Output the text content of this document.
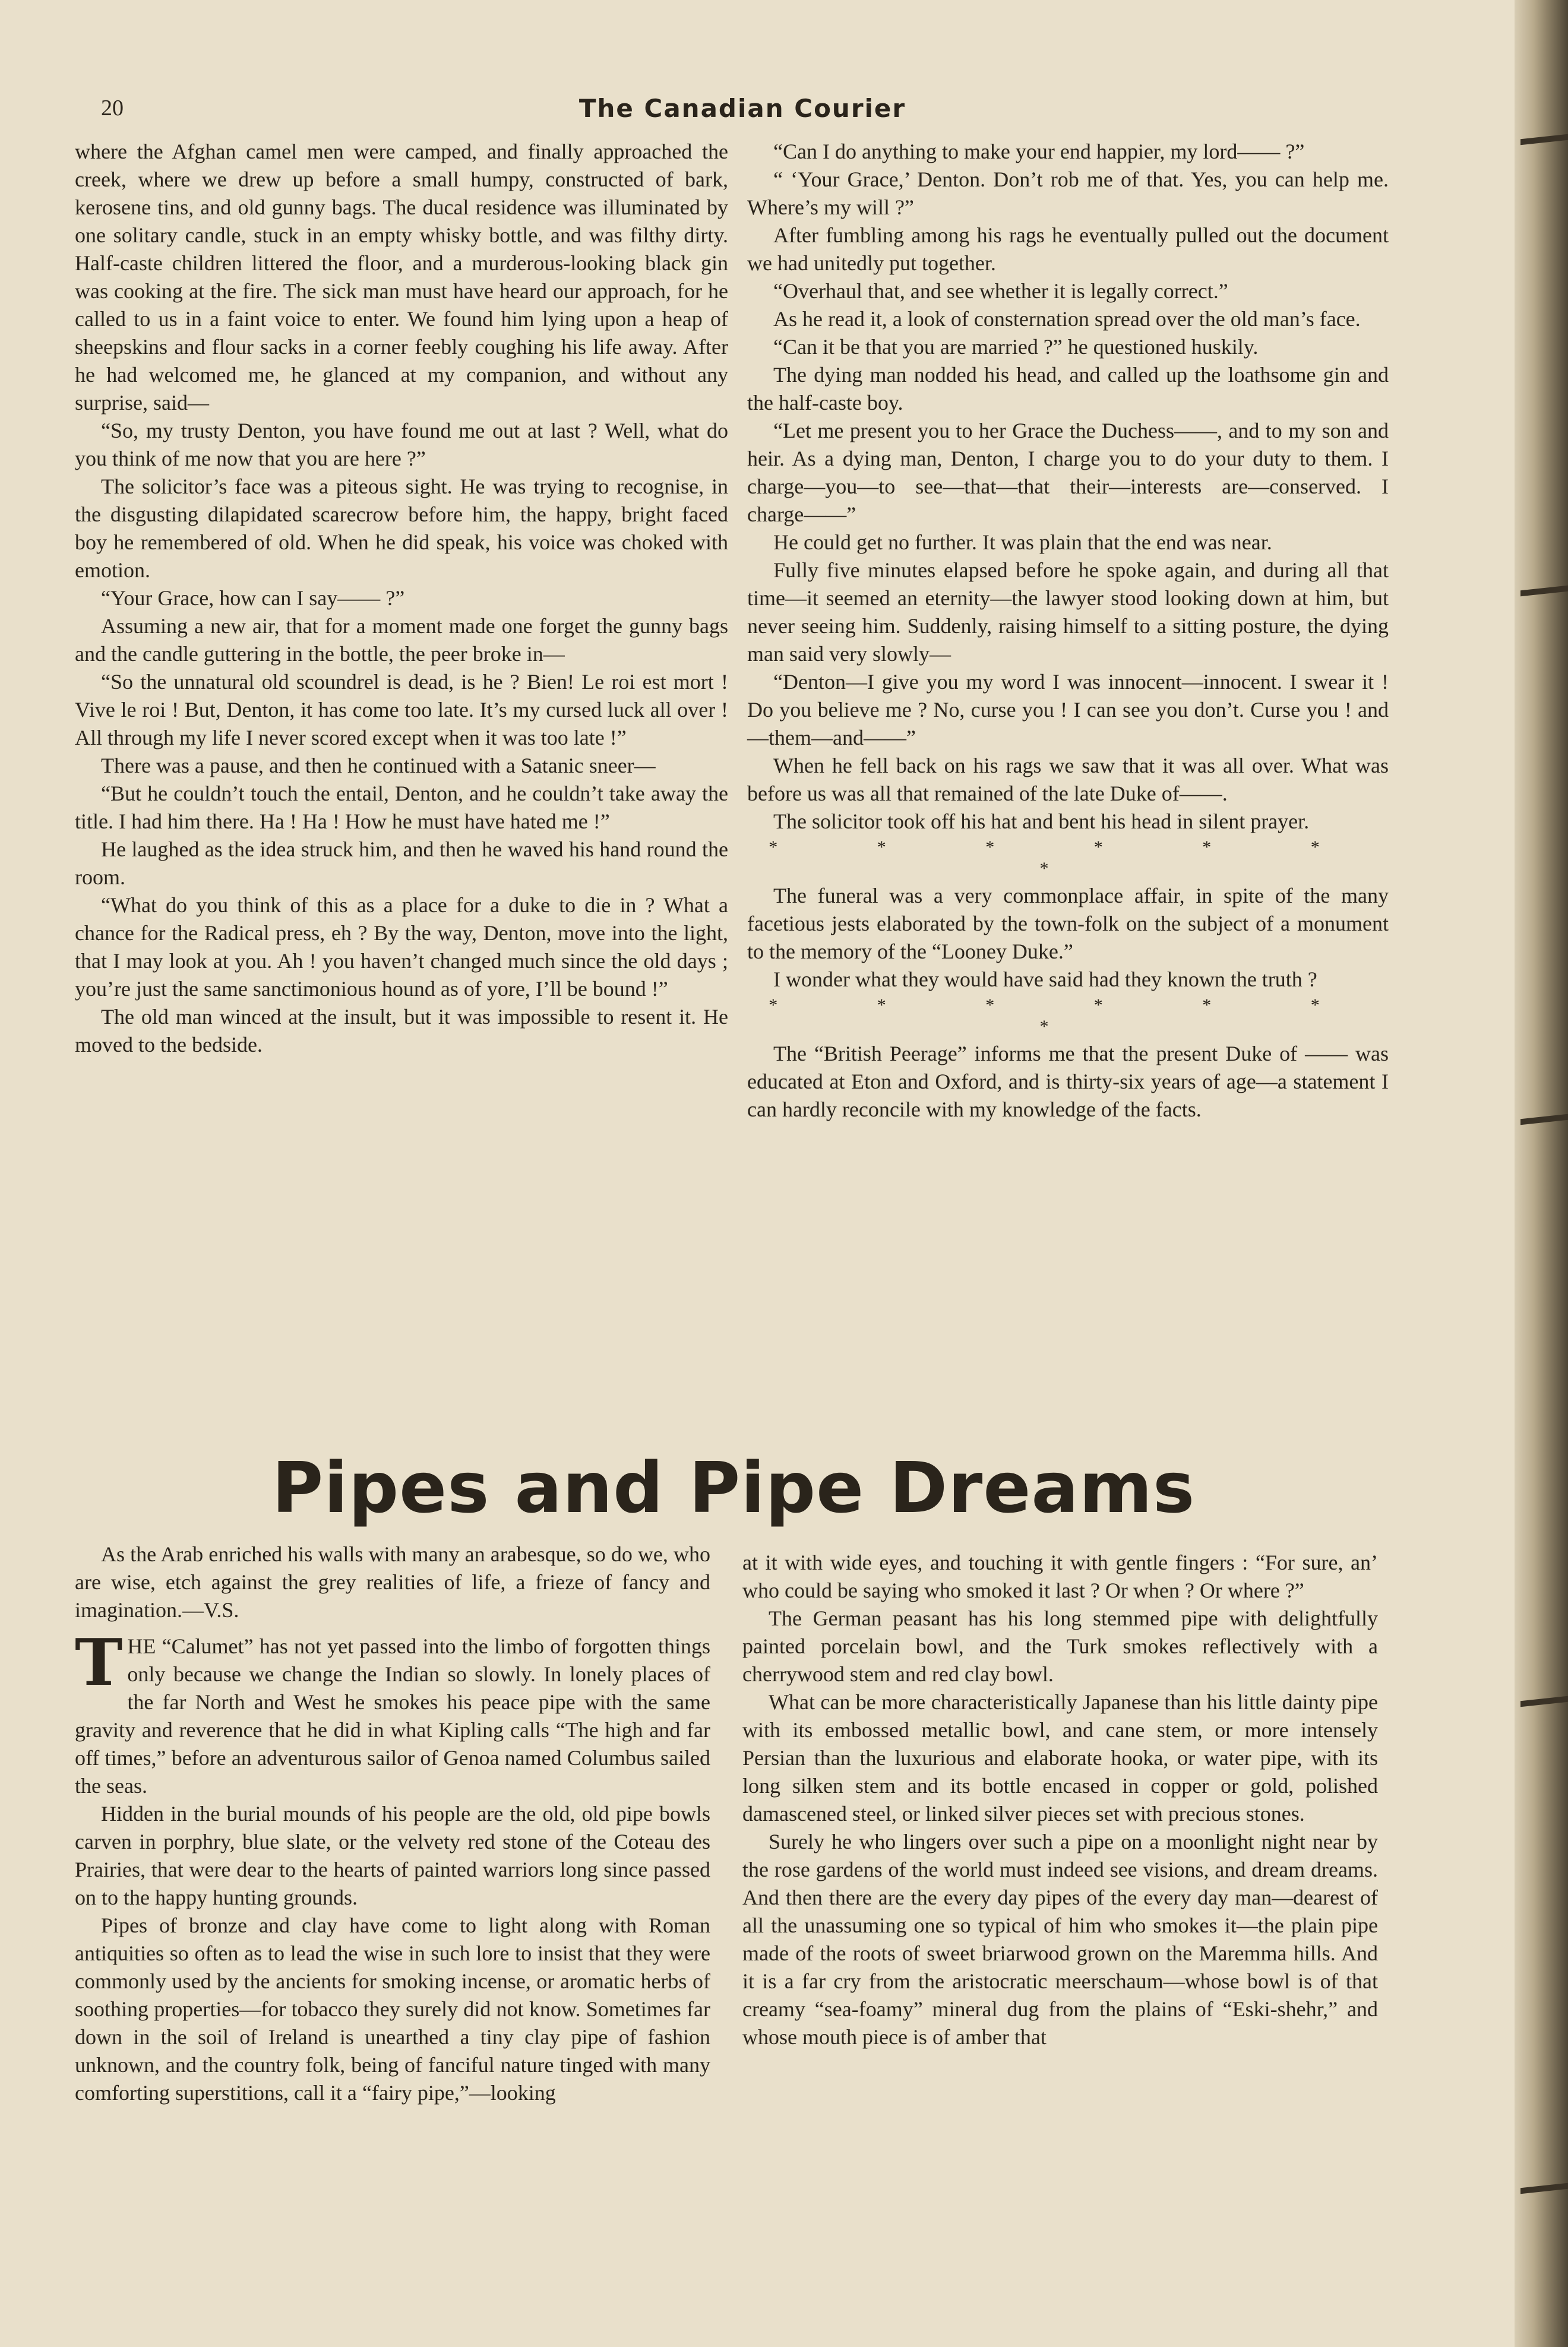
20	The Canadian Courier

where the Afghan camel men were camped, and finally approached the creek, where we drew up before a small humpy, constructed of bark, kerosene tins, and old gunny bags. The ducal residence was illuminated by one solitary candle, stuck in an empty whisky bottle, and was filthy dirty. Half-caste children littered the floor, and a murderous-looking black gin was cooking at the fire. The sick man must have heard our approach, for he called to us in a faint voice to enter. We found him lying upon a heap of sheepskins and flour sacks in a corner feebly coughing his life away. After he had welcomed me, he glanced at my companion, and without any surprise, said—

“So, my trusty Denton, you have found me out at last ? Well, what do you think of me now that you are here ?”

The solicitor’s face was a piteous sight. He was trying to recognise, in the disgusting dilapidated scarecrow before him, the happy, bright faced boy he remembered of old. When he did speak, his voice was choked with emotion.

“Your Grace, how can I say—— ?”

Assuming a new air, that for a moment made one forget the gunny bags and the candle guttering in the bottle, the peer broke in—

“So the unnatural old scoundrel is dead, is he ? Bien! Le roi est mort ! Vive le roi ! But, Denton, it has come too late. It’s my cursed luck all over ! All through my life I never scored except when it was too late !”

There was a pause, and then he continued with a Satanic sneer—

“But he couldn’t touch the entail, Denton, and he couldn’t take away the title. I had him there. Ha ! Ha ! How he must have hated me !”

He laughed as the idea struck him, and then he waved his hand round the room.

“What do you think of this as a place for a duke to die in ? What a chance for the Radical press, eh ? By the way, Denton, move into the light, that I may look at you. Ah ! you haven’t changed much since the old days ; you’re just the same sanctimonious hound as of yore, I’ll be bound !”

The old man winced at the insult, but it was impossible to resent it. He moved to the bedside.

“Can I do anything to make your end happier, my lord—— ?”

“ ‘Your Grace,’ Denton. Don’t rob me of that. Yes, you can help me. Where’s my will ?”

After fumbling among his rags he eventually pulled out the document we had unitedly put together.

“Overhaul that, and see whether it is legally correct.”

As he read it, a look of consternation spread over the old man’s face.

“Can it be that you are married ?” he questioned huskily.

The dying man nodded his head, and called up the loathsome gin and the half-caste boy.

“Let me present you to her Grace the Duchess——, and to my son and heir. As a dying man, Denton, I charge you to do your duty to them. I charge—you—to see—that—that their—interests are—conserved. I charge——”

He could get no further. It was plain that the end was near.

Fully five minutes elapsed before he spoke again, and during all that time—it seemed an eternity—the lawyer stood looking down at him, but never seeing him. Suddenly, raising himself to a sitting posture, the dying man said very slowly—

“Denton—I give you my word I was innocent—innocent. I swear it ! Do you believe me ? No, curse you ! I can see you don’t. Curse you ! and—them—and——”

When he fell back on his rags we saw that it was all over. What was before us was all that remained of the late Duke of——.

The solicitor took off his hat and bent his head in silent prayer.

* * * * * * *

The funeral was a very commonplace affair, in spite of the many facetious jests elaborated by the town-folk on the subject of a monument to the memory of the “Looney Duke.”

I wonder what they would have said had they known the truth ?

* * * * * * *

The “British Peerage” informs me that the present Duke of —— was educated at Eton and Oxford, and is thirty-six years of age—a statement I can hardly reconcile with my knowledge of the facts.

Pipes and Pipe Dreams

As the Arab enriched his walls with many an arabesque, so do we, who are wise, etch against the grey realities of life, a frieze of fancy and imagination.—V.S.

THE “Calumet” has not yet passed into the limbo of forgotten things only because we change the Indian so slowly. In lonely places of the far North and West he smokes his peace pipe with the same gravity and reverence that he did in what Kipling calls “The high and far off times,” before an adventurous sailor of Genoa named Columbus sailed the seas.

Hidden in the burial mounds of his people are the old, old pipe bowls carven in porphry, blue slate, or the velvety red stone of the Coteau des Prairies, that were dear to the hearts of painted warriors long since passed on to the happy hunting grounds.

Pipes of bronze and clay have come to light along with Roman antiquities so often as to lead the wise in such lore to insist that they were commonly used by the ancients for smoking incense, or aromatic herbs of soothing properties—for tobacco they surely did not know. Sometimes far down in the soil of Ireland is unearthed a tiny clay pipe of fashion unknown, and the country folk, being of fanciful nature tinged with many comforting superstitions, call it a “fairy pipe,”—looking

at it with wide eyes, and touching it with gentle fingers : “For sure, an’ who could be saying who smoked it last ? Or when ? Or where ?”

The German peasant has his long stemmed pipe with delightfully painted porcelain bowl, and the Turk smokes reflectively with a cherrywood stem and red clay bowl.

What can be more characteristically Japanese than his little dainty pipe with its embossed metallic bowl, and cane stem, or more intensely Persian than the luxurious and elaborate hooka, or water pipe, with its long silken stem and its bottle encased in copper or gold, polished damascened steel, or linked silver pieces set with precious stones.

Surely he who lingers over such a pipe on a moonlight night near by the rose gardens of the world must indeed see visions, and dream dreams. And then there are the every day pipes of the every day man—dearest of all the unassuming one so typical of him who smokes it—the plain pipe made of the roots of sweet briarwood grown on the Maremma hills. And it is a far cry from the aristocratic meerschaum—whose bowl is of that creamy “sea-foamy” mineral dug from the plains of “Eski-shehr,” and whose mouth piece is of amber that
